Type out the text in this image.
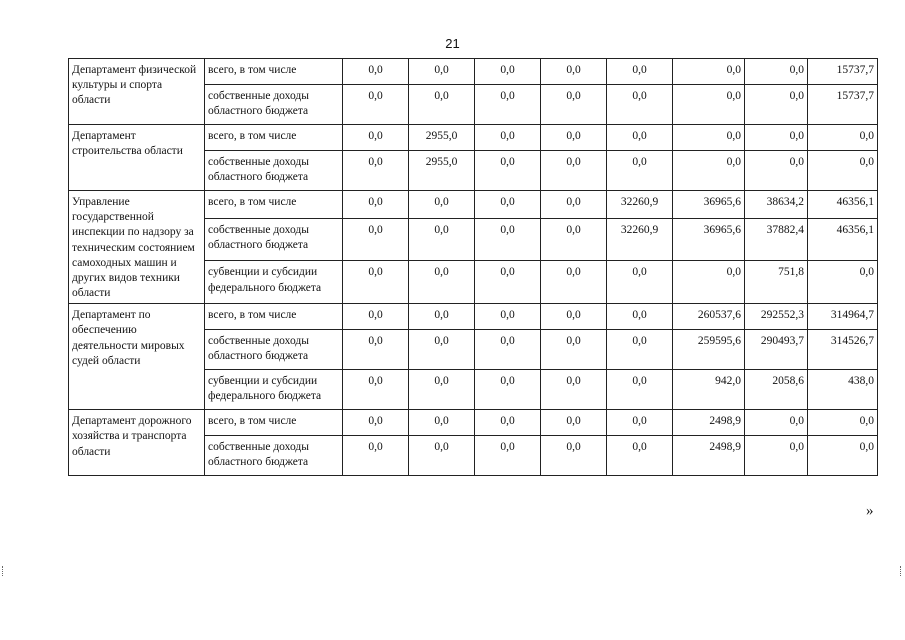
21
Департамент физической культуры и спорта области	всего, в том числе	0,0	0,0	0,0	0,0	0,0	0,0	0,0	15737,7
	собственные доходы областного бюджета	0,0	0,0	0,0	0,0	0,0	0,0	0,0	15737,7
Департамент строительства области	всего, в том числе	0,0	2955,0	0,0	0,0	0,0	0,0	0,0	0,0
	собственные доходы областного бюджета	0,0	2955,0	0,0	0,0	0,0	0,0	0,0	0,0
Управление государственной инспекции по надзору за техническим состоянием самоходных машин и других видов техники области	всего, в том числе	0,0	0,0	0,0	0,0	32260,9	36965,6	38634,2	46356,1
	собственные доходы областного бюджета	0,0	0,0	0,0	0,0	32260,9	36965,6	37882,4	46356,1
	субвенции и субсидии федерального бюджета	0,0	0,0	0,0	0,0	0,0	0,0	751,8	0,0
Департамент по обеспечению деятельности мировых судей области	всего, в том числе	0,0	0,0	0,0	0,0	0,0	260537,6	292552,3	314964,7
	собственные доходы областного бюджета	0,0	0,0	0,0	0,0	0,0	259595,6	290493,7	314526,7
	субвенции и субсидии федерального бюджета	0,0	0,0	0,0	0,0	0,0	942,0	2058,6	438,0
Департамент дорожного хозяйства и транспорта области	всего, в том числе	0,0	0,0	0,0	0,0	0,0	2498,9	0,0	0,0
	собственные доходы областного бюджета	0,0	0,0	0,0	0,0	0,0	2498,9	0,0	0,0
»
